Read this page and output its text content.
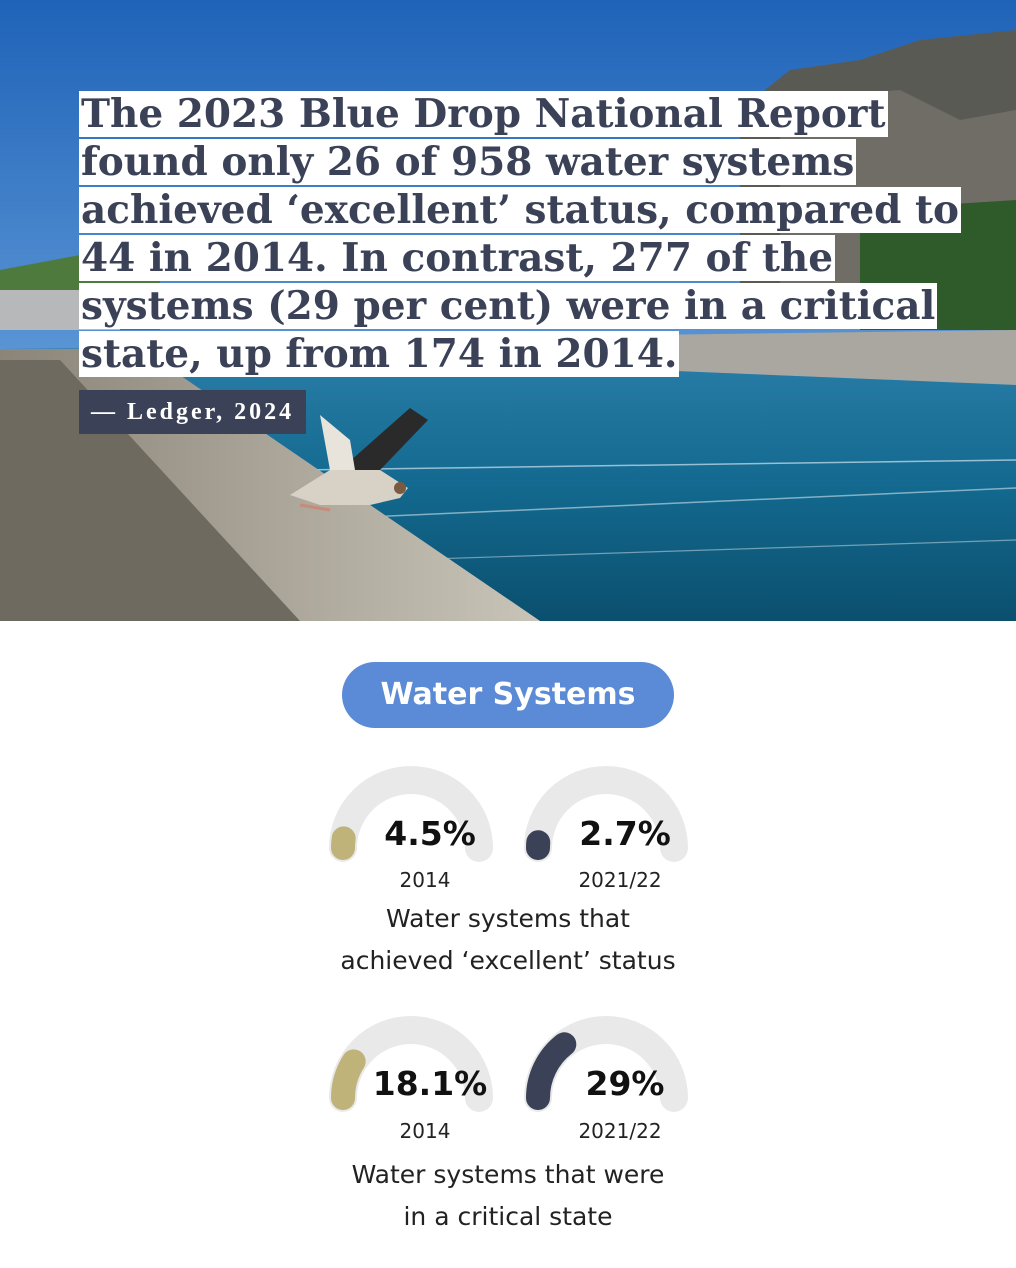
The 2023 Blue Drop National Report found only 26 of 958 water systems achieved ‘excellent’ status, compared to 44 in 2014. In contrast, 277 of the systems (29 per cent) were in a critical state, up from 174 in 2014.

— Ledger, 2024
Water Systems
4.5%
2014
2.7%
2021/22
Water systems that
achieved ‘excellent’ status
18.1%
2014
29%
2021/22
Water systems that were
in a critical state
